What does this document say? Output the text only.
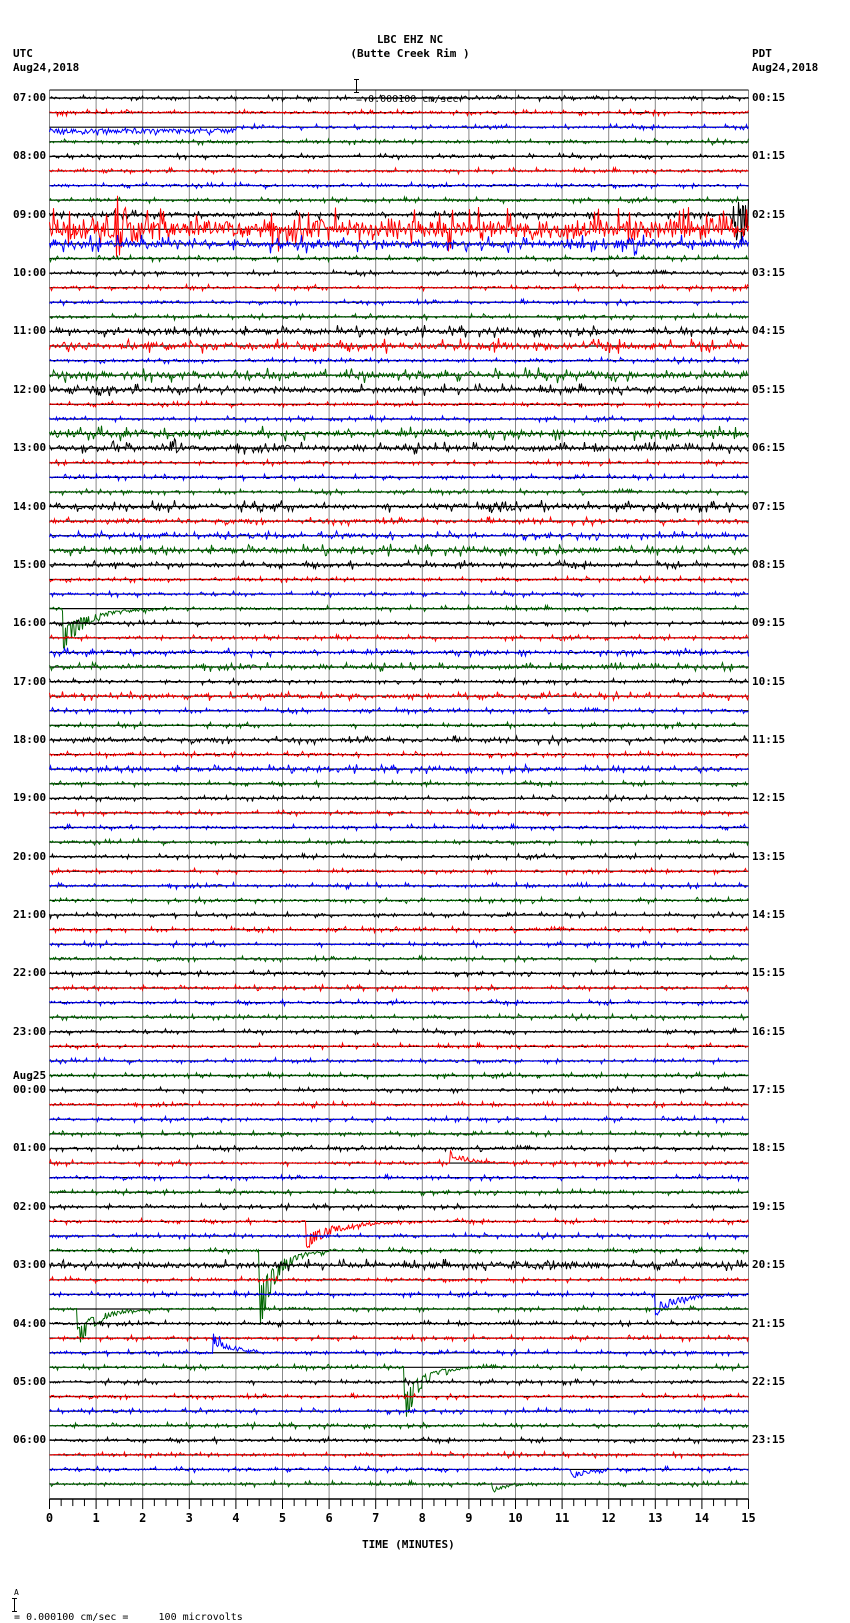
LBC EHZ NC
(Butte Creek Rim )

= 0.000100 cm/sec

UTC
Aug24,2018
PDT
Aug24,2018
07:00
08:00
09:00
10:00
11:00
12:00
13:00
14:00
15:00
16:00
17:00
18:00
19:00
20:00
21:00
22:00
23:00
Aug25
00:00
01:00
02:00
03:00
04:00
05:00
06:00
00:15
01:15
02:15
03:15
04:15
05:15
06:15
07:15
08:15
09:15
10:15
11:15
12:15
13:15
14:15
15:15
16:15
17:15
18:15
19:15
20:15
21:15
22:15
23:15
0	1	2	3	4	5	6	7	8	9	10	11	12	13	14	15
TIME (MINUTES)

A

= 0.000100 cm/sec =     100 microvolts
